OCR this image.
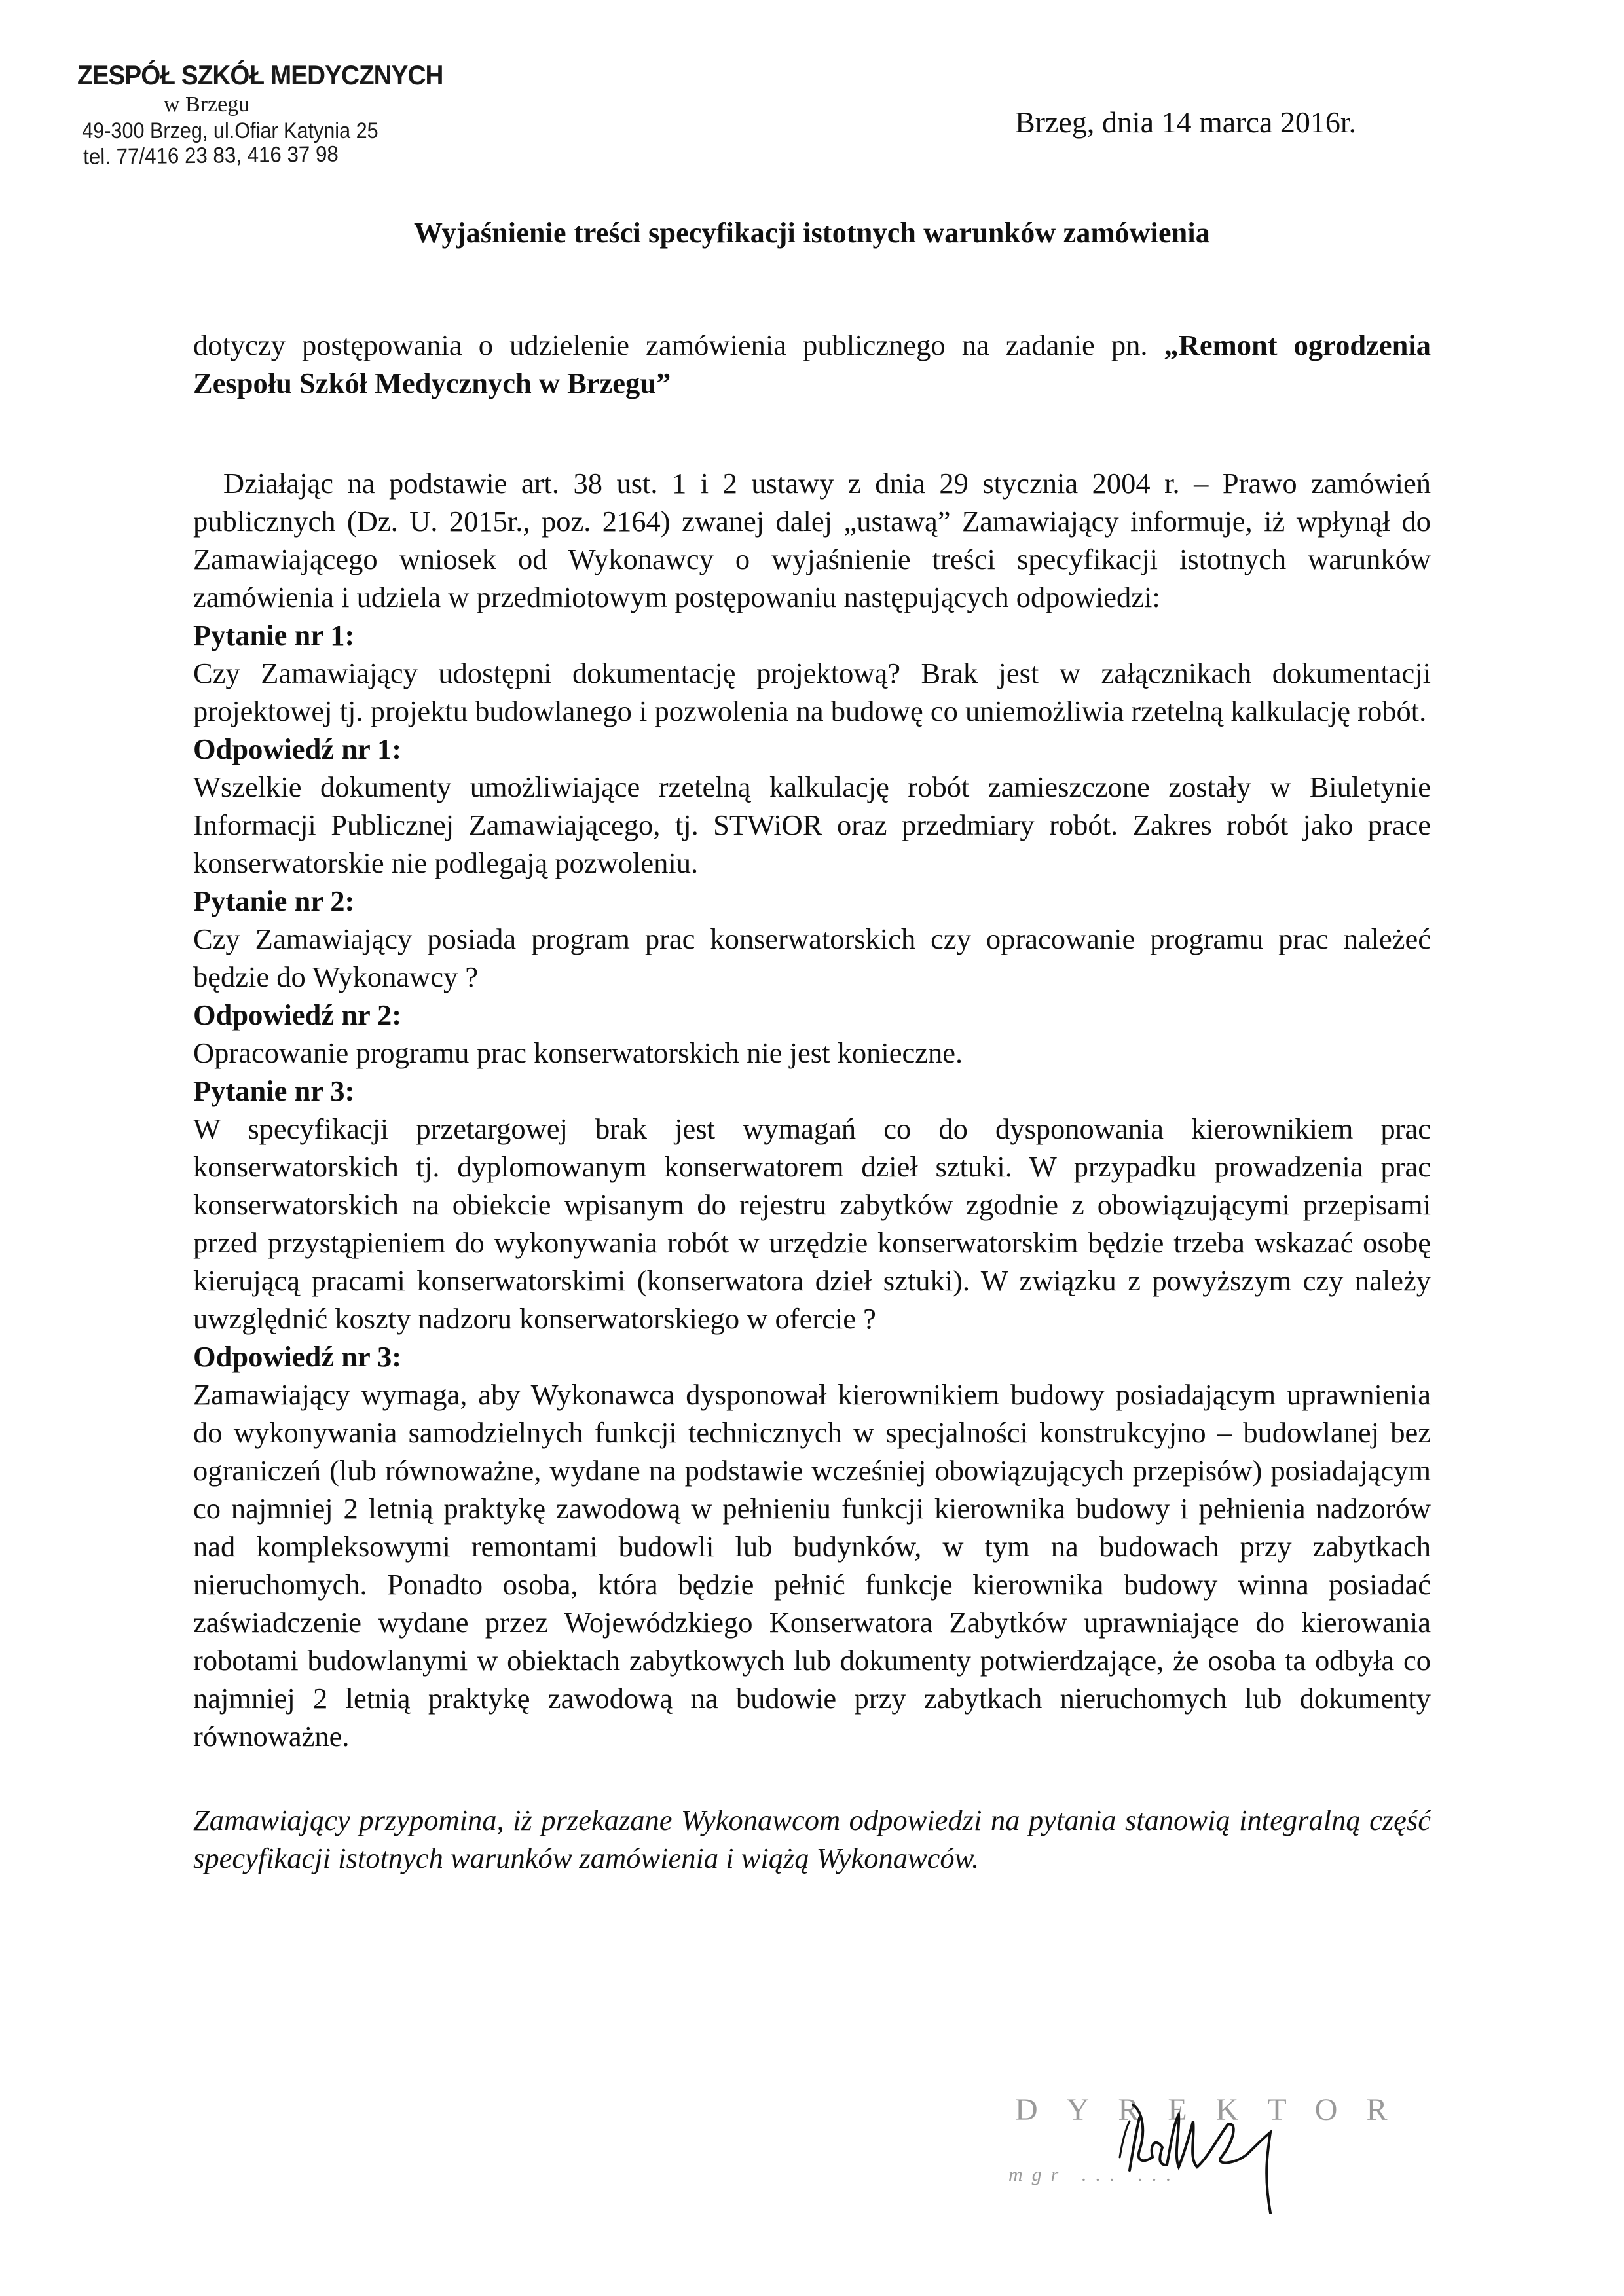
ZESPÓŁ SZKÓŁ MEDYCZNYCH
w Brzegu
49-300 Brzeg, ul.Ofiar Katynia 25
tel. 77/416 23 83, 416 37 98
Brzeg, dnia 14 marca 2016r.
Wyjaśnienie treści specyfikacji istotnych warunków zamówienia

dotyczy postępowania o udzielenie zamówienia publicznego na zadanie pn. „Remont ogrodzenia Zespołu Szkół Medycznych w Brzegu”

Działając na podstawie art. 38 ust. 1 i 2 ustawy z dnia 29 stycznia 2004 r. – Prawo zamówień publicznych (Dz. U. 2015r., poz. 2164) zwanej dalej „ustawą” Zamawiający informuje, iż wpłynął do Zamawiającego wniosek od Wykonawcy o wyjaśnienie treści specyfikacji istotnych warunków zamówienia i udziela w przedmiotowym postępowaniu następujących odpowiedzi:

Pytanie nr 1:

Czy Zamawiający udostępni dokumentację projektową? Brak jest w załącznikach dokumentacji projektowej tj. projektu budowlanego i pozwolenia na budowę co uniemożliwia rzetelną kalkulację robót.

Odpowiedź nr 1:

Wszelkie dokumenty umożliwiające rzetelną kalkulację robót zamieszczone zostały w Biuletynie Informacji Publicznej Zamawiającego, tj. STWiOR oraz przedmiary robót. Zakres robót jako prace konserwatorskie nie podlegają pozwoleniu.

Pytanie nr 2:

Czy Zamawiający posiada program prac konserwatorskich czy opracowanie programu prac należeć będzie do Wykonawcy ?

Odpowiedź nr 2:

Opracowanie programu prac konserwatorskich nie jest konieczne.

Pytanie nr 3:

W specyfikacji przetargowej brak jest wymagań co do dysponowania kierownikiem prac konserwatorskich tj. dyplomowanym konserwatorem dzieł sztuki. W przypadku prowadzenia prac konserwatorskich na obiekcie wpisanym do rejestru zabytków zgodnie z obowiązującymi przepisami przed przystąpieniem do wykonywania robót w urzędzie konserwatorskim będzie trzeba wskazać osobę kierującą pracami konserwatorskimi (konserwatora dzieł sztuki). W związku z powyższym czy należy uwzględnić koszty nadzoru konserwatorskiego w ofercie ?

Odpowiedź nr 3:

Zamawiający wymaga, aby Wykonawca dysponował kierownikiem budowy posiadającym uprawnienia do wykonywania samodzielnych funkcji technicznych w specjalności konstrukcyjno – budowlanej bez ograniczeń (lub równoważne, wydane na podstawie wcześniej obowiązujących przepisów) posiadającym co najmniej 2 letnią praktykę zawodową w pełnieniu funkcji kierownika budowy i pełnienia nadzorów nad kompleksowymi remontami budowli lub budynków, w tym na budowach przy zabytkach nieruchomych. Ponadto osoba, która będzie pełnić funkcje kierownika budowy winna posiadać zaświadczenie wydane przez Wojewódzkiego Konserwatora Zabytków uprawniające do kierowania robotami budowlanymi w obiektach zabytkowych lub dokumenty potwierdzające, że osoba ta odbyła co najmniej 2 letnią praktykę zawodową na budowie przy zabytkach nieruchomych lub dokumenty równoważne.

Zamawiający przypomina, iż przekazane Wykonawcom odpowiedzi na pytania stanowią integralną część specyfikacji istotnych warunków zamówienia i wiążą Wykonawców.

DYREKTOR
mgr ... ...
